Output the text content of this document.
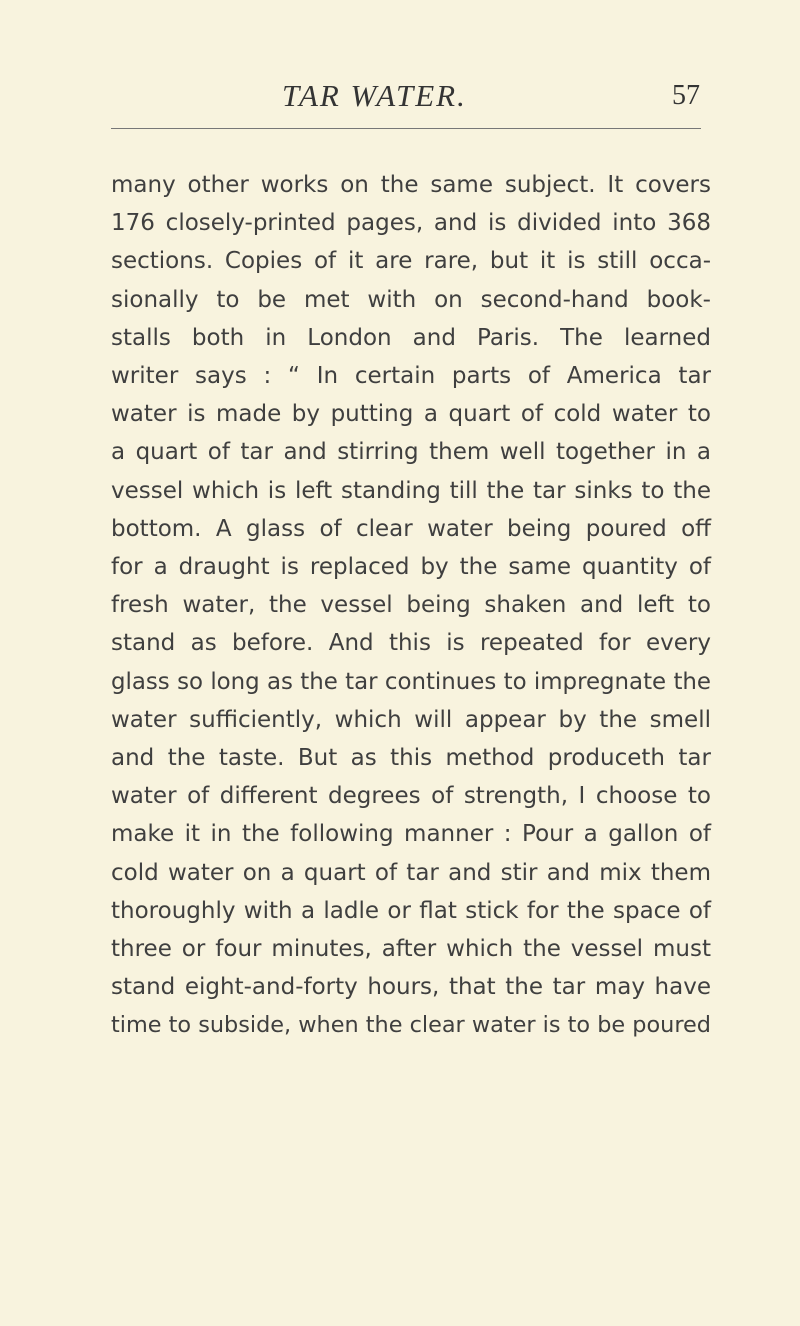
TAR WATER.	57
many other works on the same subject. It covers
176 closely-printed pages, and is divided into 368
sections. Copies of it are rare, but it is still occa-
sionally to be met with on second-hand book-
stalls both in London and Paris. The learned
writer says : “ In certain parts of America tar
water is made by putting a quart of cold water to
a quart of tar and stirring them well together in a
vessel which is left standing till the tar sinks to the
bottom. A glass of clear water being poured off
for a draught is replaced by the same quantity of
fresh water, the vessel being shaken and left to
stand as before. And this is repeated for every
glass so long as the tar continues to impregnate the
water sufficiently, which will appear by the smell
and the taste. But as this method produceth tar
water of different degrees of strength, I choose to
make it in the following manner : Pour a gallon of
cold water on a quart of tar and stir and mix them
thoroughly with a ladle or flat stick for the space of
three or four minutes, after which the vessel must
stand eight-and-forty hours, that the tar may have
time to subside, when the clear water is to be poured
